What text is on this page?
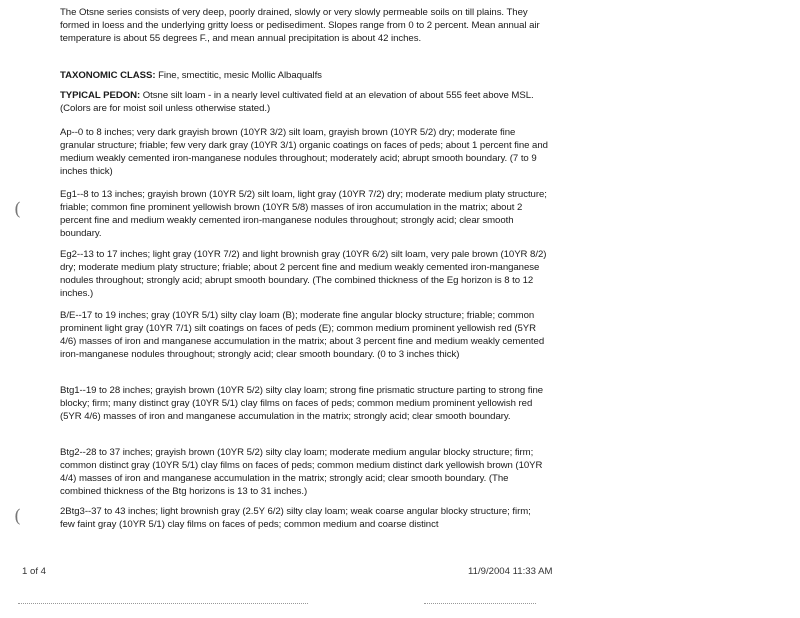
The Otsne series consists of very deep, poorly drained, slowly or very slowly permeable soils on till plains. They formed in loess and the underlying gritty loess or pedisediment. Slopes range from 0 to 2 percent. Mean annual air temperature is about 55 degrees F., and mean annual precipitation is about 42 inches.

TAXONOMIC CLASS: Fine, smectitic, mesic Mollic Albaqualfs

TYPICAL PEDON: Otsne silt loam - in a nearly level cultivated field at an elevation of about 555 feet above MSL. (Colors are for moist soil unless otherwise stated.)

Ap--0 to 8 inches; very dark grayish brown (10YR 3/2) silt loam, grayish brown (10YR 5/2) dry; moderate fine granular structure; friable; few very dark gray (10YR 3/1) organic coatings on faces of peds; about 1 percent fine and medium weakly cemented iron-manganese nodules throughout; moderately acid; abrupt smooth boundary. (7 to 9 inches thick)

Eg1--8 to 13 inches; grayish brown (10YR 5/2) silt loam, light gray (10YR 7/2) dry; moderate medium platy structure; friable; common fine prominent yellowish brown (10YR 5/8) masses of iron accumulation in the matrix; about 2 percent fine and medium weakly cemented iron-manganese nodules throughout; strongly acid; clear smooth boundary.

Eg2--13 to 17 inches; light gray (10YR 7/2) and light brownish gray (10YR 6/2) silt loam, very pale brown (10YR 8/2) dry; moderate medium platy structure; friable; about 2 percent fine and medium weakly cemented iron-manganese nodules throughout; strongly acid; abrupt smooth boundary. (The combined thickness of the Eg horizon is 8 to 12 inches.)

B/E--17 to 19 inches; gray (10YR 5/1) silty clay loam (B); moderate fine angular blocky structure; friable; common prominent light gray (10YR 7/1) silt coatings on faces of peds (E); common medium prominent yellowish red (5YR 4/6) masses of iron and manganese accumulation in the matrix; about 3 percent fine and medium weakly cemented iron-manganese nodules throughout; strongly acid; clear smooth boundary. (0 to 3 inches thick)

Btg1--19 to 28 inches; grayish brown (10YR 5/2) silty clay loam; strong fine prismatic structure parting to strong fine blocky; firm; many distinct gray (10YR 5/1) clay films on faces of peds; common medium prominent yellowish red (5YR 4/6) masses of iron and manganese accumulation in the matrix; strongly acid; clear smooth boundary.

Btg2--28 to 37 inches; grayish brown (10YR 5/2) silty clay loam; moderate medium angular blocky structure; firm; common distinct gray (10YR 5/1) clay films on faces of peds; common medium distinct dark yellowish brown (10YR 4/4) masses of iron and manganese accumulation in the matrix; strongly acid; clear smooth boundary. (The combined thickness of the Btg horizons is 13 to 31 inches.)

2Btg3--37 to 43 inches; light brownish gray (2.5Y 6/2) silty clay loam; weak coarse angular blocky structure; firm; few faint gray (10YR 5/1) clay films on faces of peds; common medium and coarse distinct

(
(
1 of 4	11/9/2004 11:33 AM
